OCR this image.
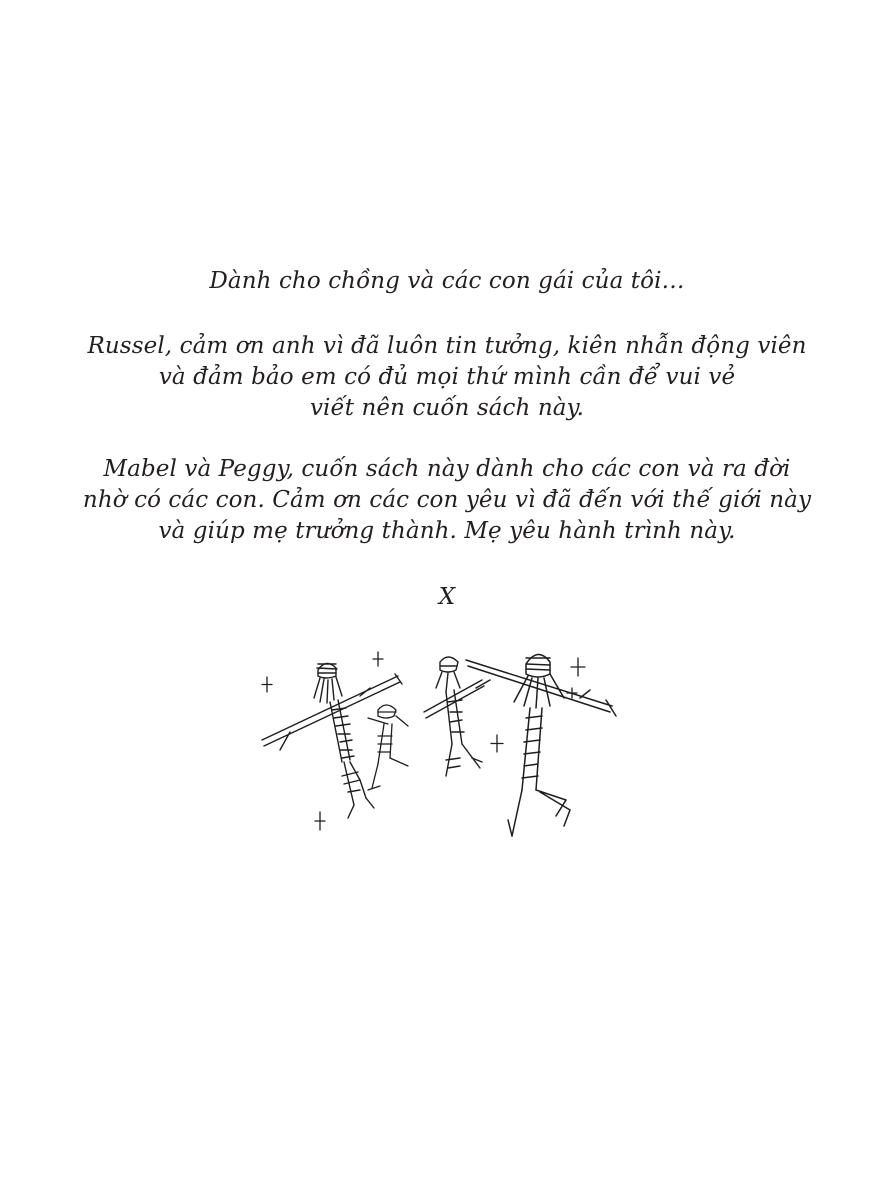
Dành cho chồng và các con gái của tôi…
Russel, cảm ơn anh vì đã luôn tin tưởng, kiên nhẫn động viên
và đảm bảo em có đủ mọi thứ mình cần để vui vẻ
viết nên cuốn sách này.
Mabel và Peggy, cuốn sách này dành cho các con và ra đời
nhờ có các con. Cảm ơn các con yêu vì đã đến với thế giới này
và giúp mẹ trưởng thành. Mẹ yêu hành trình này.
X
